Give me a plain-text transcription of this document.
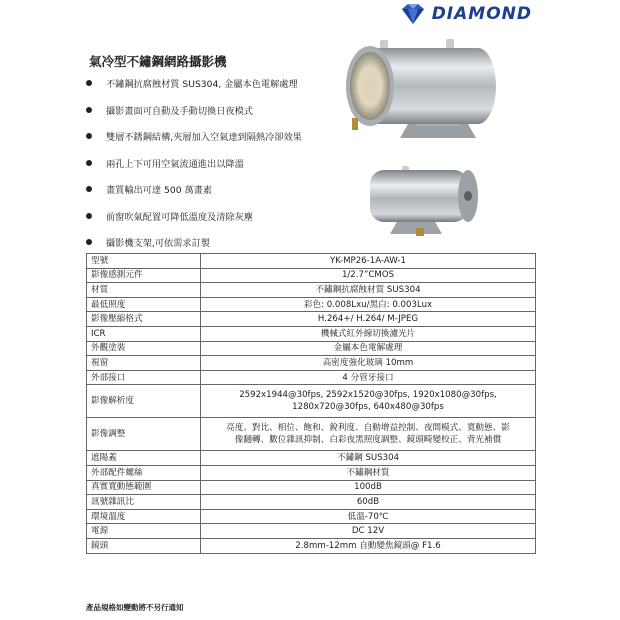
DIAMOND
氣冷型不鏽鋼網路攝影機
不鏽鋼抗腐蝕材質 SUS304, 金屬本色電解處理
攝影畫面可自動及手動切換日夜模式
雙層不銹鋼結構,夾層加入空氣達到隔熱冷卻效果
兩孔上下可用空氣流通進出以降溫
畫質輸出可達 500 萬畫素
前窗吹氣配置可降低溫度及清除灰塵
攝影機支架,可依需求訂製
型號	YK-MP26-1A-AW-1
影像感測元件	1/2.7”CMOS
材質	不鏽鋼抗腐蝕材質 SUS304
最低照度	彩色: 0.008Lxu/黑白: 0.003Lux
影像壓縮格式	H.264+/ H.264/ M-JPEG
ICR	機械式紅外線切換濾光片
外觀塗裝	金屬本色電解處理
視窗	高密度強化玻璃 10mm
外部接口	4 分管牙接口
影像解析度	2592x1944@30fps, 2592x1520@30fps, 1920x1080@30fps,
1280x720@30fps, 640x480@30fps

影像調整	亮度、對比、相位、飽和、銳利度、自動增益控制、夜間模式、寬動態、影
像翻轉、數位雜訊抑制、白彩夜黑照度調整、鏡頭畸變校正、背光補償

遮陽蓋	不鏽鋼 SUS304
外部配件螺絲	不鏽鋼材質
真實寬動態範圍	100dB
訊號雜訊比	60dB
環境溫度	低溫-70℃
電源	DC 12V
鏡頭	2.8mm-12mm 自動變焦鏡頭@ F1.6
產品規格如變動將不另行通知
